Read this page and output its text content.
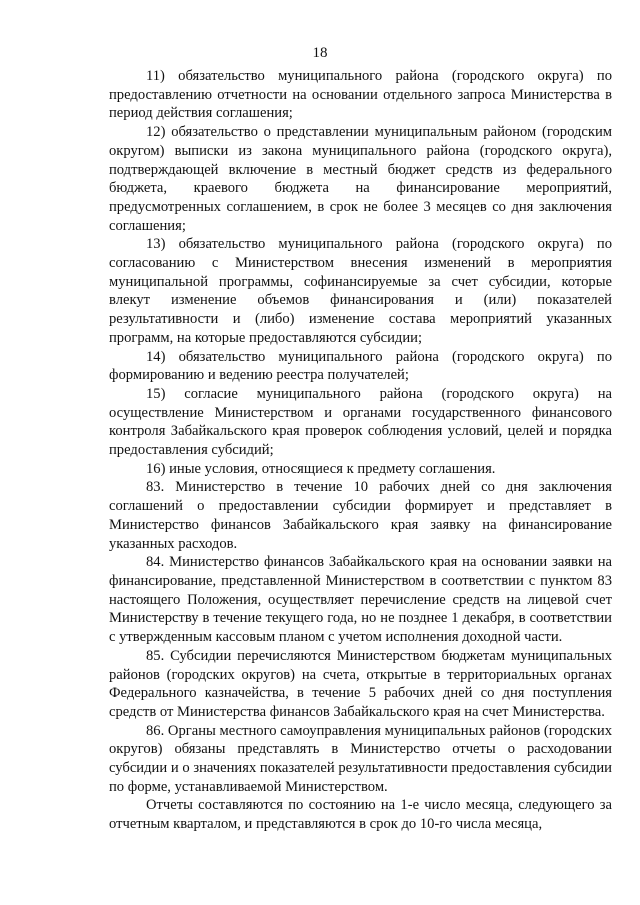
18

11) обязательство муниципального района (городского округа) по предоставлению отчетности на основании отдельного запроса Министерства в период действия соглашения;

12) обязательство о представлении муниципальным районом (городским округом) выписки из закона муниципального района (городского округа), подтверждающей включение в местный бюджет средств из федерального бюджета, краевого бюджета на финансирование мероприятий, предусмотренных соглашением, в срок не более 3 месяцев со дня заключения соглашения;

13) обязательство муниципального района (городского округа) по согласованию с Министерством внесения изменений в мероприятия муниципальной программы, софинансируемые за счет субсидии, которые влекут изменение объемов финансирования и (или) показателей результативности и (либо) изменение состава мероприятий указанных программ, на которые предоставляются субсидии;

14) обязательство муниципального района (городского округа) по формированию и ведению реестра получателей;

15) согласие муниципального района (городского округа) на осуществление Министерством и органами государственного финансового контроля Забайкальского края проверок соблюдения условий, целей и порядка предоставления субсидий;

16) иные условия, относящиеся к предмету соглашения.

83. Министерство в течение 10 рабочих дней со дня заключения соглашений о предоставлении субсидии формирует и представляет в Министерство финансов Забайкальского края заявку на финансирование указанных расходов.

84. Министерство финансов Забайкальского края на основании заявки на финансирование, представленной Министерством в соответствии с пунктом 83 настоящего Положения, осуществляет перечисление средств на лицевой счет Министерству в течение текущего года, но не позднее 1 декабря, в соответствии с утвержденным кассовым планом с учетом исполнения доходной части.

85. Субсидии перечисляются Министерством бюджетам муниципальных районов (городских округов) на счета, открытые в территориальных органах Федерального казначейства, в течение 5 рабочих дней со дня поступления средств от Министерства финансов Забайкальского края на счет Министерства.

86. Органы местного самоуправления муниципальных районов (городских округов) обязаны представлять в Министерство отчеты о расходовании субсидии и о значениях показателей результативности предоставления субсидии по форме, устанавливаемой Министерством.

Отчеты составляются по состоянию на 1-е число месяца, следующего за отчетным кварталом, и представляются в срок до 10-го числа месяца,
